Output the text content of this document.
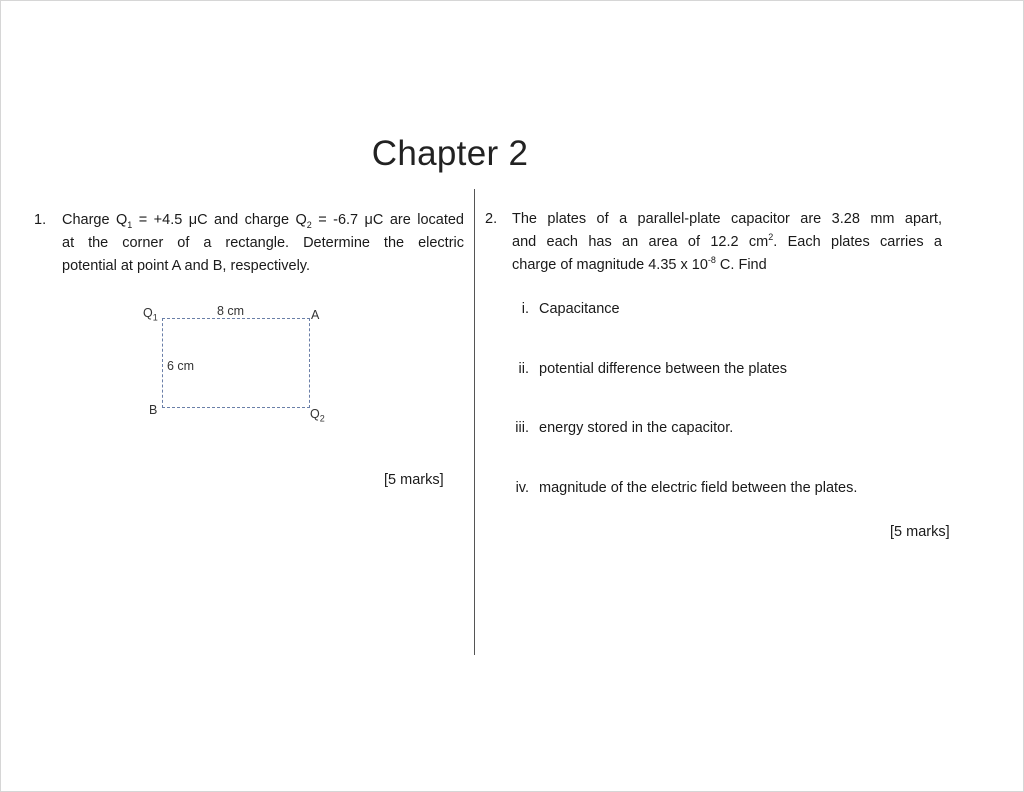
Chapter 2
1. Charge $Q_1 = +4.5$ μC and charge $Q_2 = -6.7$ μC are located
at the corner of a rectangle. Determine the electric
potential at point A and B, respectively.
$Q_1$	8 cm	A
6 cm
B	$Q_2$
[5 marks]
2. The plates of a parallel-plate capacitor are 3.28 mm apart,
and each has an area of 12.2 $cm^2$. Each plates carries a
charge of magnitude 4.35 x $10^{-8}$ C. Find
i. Capacitance
ii. potential difference between the plates
iii. energy stored in the capacitor.
iv. magnitude of the electric field between the plates.
[5 marks]
